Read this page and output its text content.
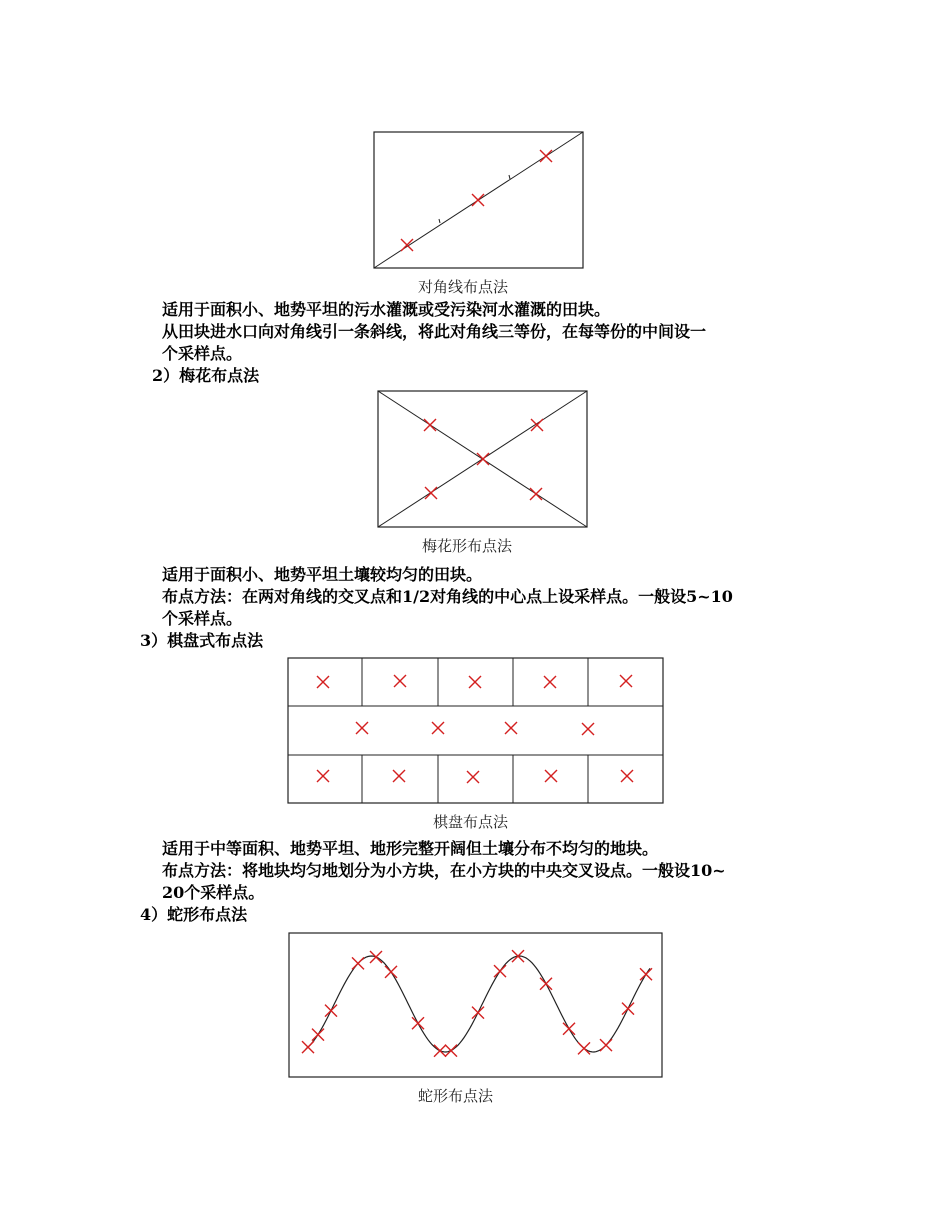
对角线布点法
适用于面积小、地势平坦的污水灌溉或受污染河水灌溉的田块。
从田块进水口向对角线引一条斜线，将此对角线三等份，在每等份的中间设一
个采样点。
2）梅花布点法
梅花形布点法
适用于面积小、地势平坦土壤较均匀的田块。
布点方法：在两对角线的交叉点和1/2对角线的中心点上设采样点。一般设5~10
个采样点。
3）棋盘式布点法
棋盘布点法
适用于中等面积、地势平坦、地形完整开阔但土壤分布不均匀的地块。
布点方法：将地块均匀地划分为小方块，在小方块的中央交叉设点。一般设10~
20个采样点。
4）蛇形布点法
蛇形布点法
